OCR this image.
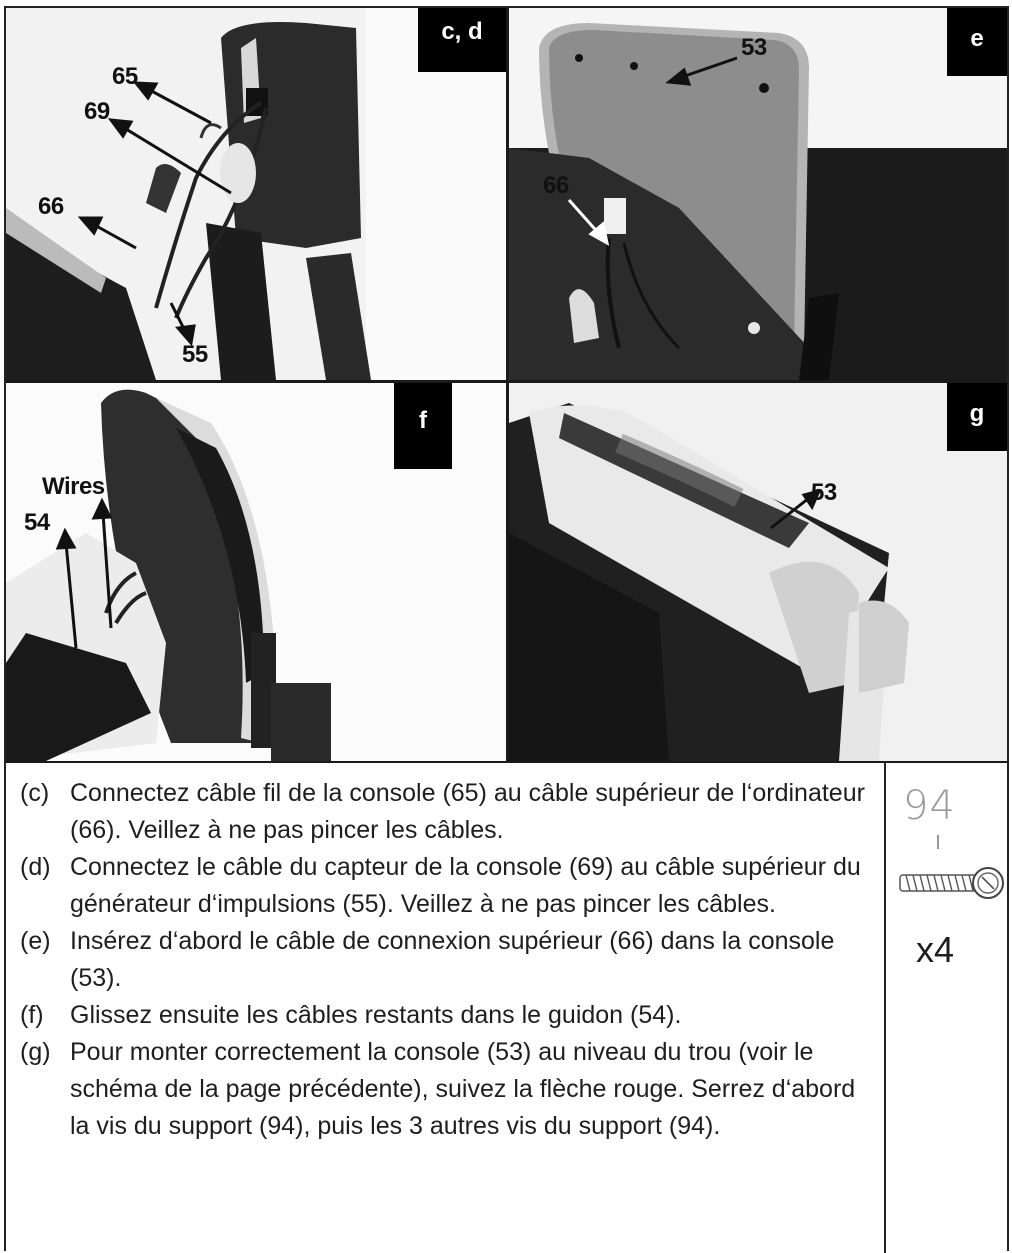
c, d
65
69
66
55
e
53
66
f
Wires
54
g
53
(c) Connectez câble fil de la console (65) au câble supérieur de l‘ordinateur (66). Veillez à ne pas pincer les câbles.
(d) Connectez le câble du capteur de la console (69) au câble supérieur du générateur d‘impulsions (55). Veillez à ne pas pincer les câbles.
(e) Insérez d‘abord le câble de connexion supérieur (66) dans la console (53).
(f) Glissez ensuite les câbles restants dans le guidon (54).
(g) Pour monter correctement la console (53) au niveau du trou (voir le schéma de la page précédente), suivez la flèche rouge. Serrez d‘abord la vis du support (94), puis les 3 autres vis du support (94).
94
x4
